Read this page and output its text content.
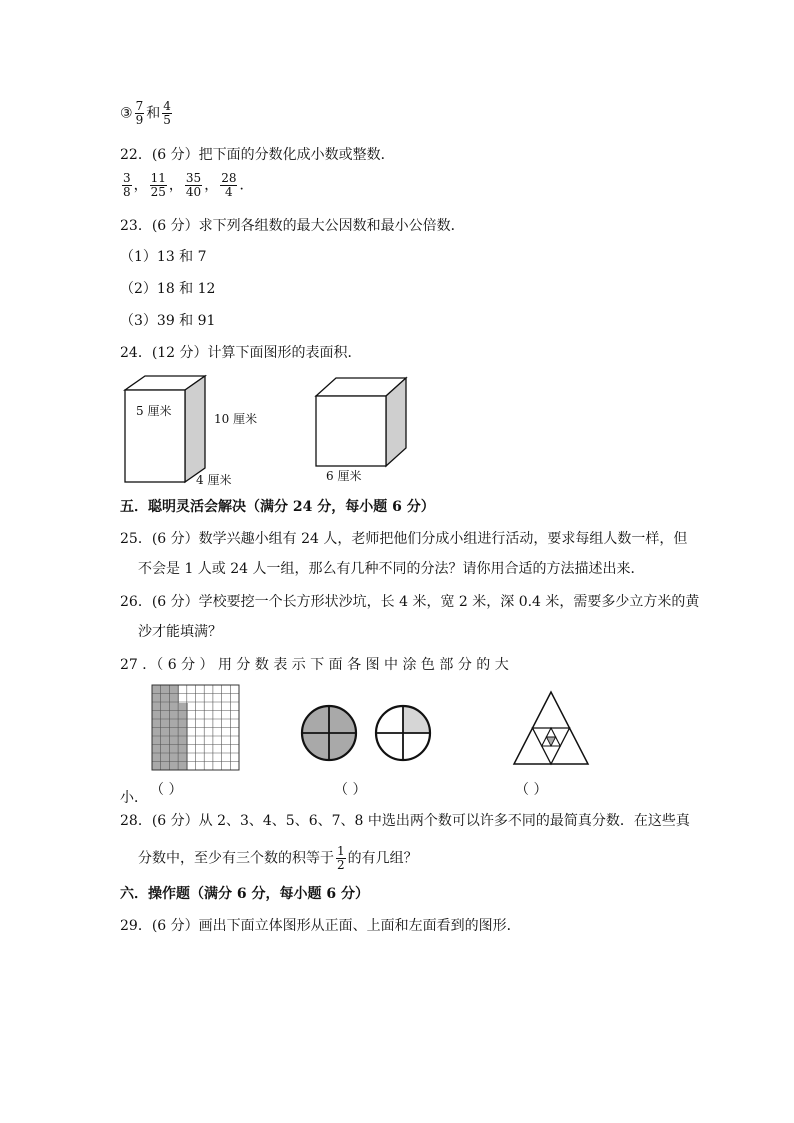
③ $\frac{7}{9}$ 和 $\frac{4}{5}$
22．(6 分）把下面的分数化成小数或整数．
$\frac{3}{8}$ ， $\frac{11}{25}$ ， $\frac{35}{40}$ ， $\frac{28}{4}$ ．
23．(6 分）求下列各组数的最大公因数和最小公倍数．
（1）13 和 7
（2）18 和 12
（3）39 和 91
24．(12 分）计算下面图形的表面积．
5 厘米
10 厘米
4 厘米	6 厘米
五．聪明灵活会解决（满分 24 分，每小题 6 分）
25．(6 分）数学兴趣小组有 24 人，老师把他们分成小组进行活动，要求每组人数一样，但
不会是 1 人或 24 人一组，那么有几种不同的分法？请你用合适的方法描述出来．
26．(6 分）学校要挖一个长方形状沙坑，长 4 米，宽 2 米，深 0.4 米，需要多少立方米的黄
沙才能填满？
27 ．（ 6 分 ） 用 分 数 表 示 下 面 各 图 中 涂 色 部 分 的 大
（ ）	（ ）	（ ）
小．
28．(6 分）从 2、3、4、5、6、7、8 中选出两个数可以许多不同的最简真分数．在这些真
分数中，至少有三个数的积等于 $\frac{1}{2}$ 的有几组？
六．操作题（满分 6 分，每小题 6 分）
29．(6 分）画出下面立体图形从正面、上面和左面看到的图形．
